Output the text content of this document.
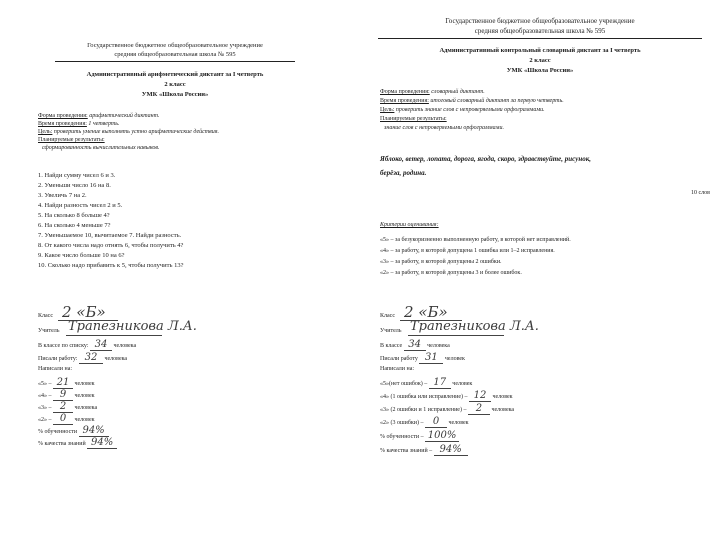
Государственное бюджетное общеобразовательное учреждение
средняя общеобразовательная школа № 595
Административный арифметический диктант за I четверть
2 класс
УМК «Школа России»
Форма проведения: арифметический диктант.
Время проведения: 1 четверть.
Цель: проверить умение выполнять устно арифметические действия.
Планируемые результаты:
сформированность вычислительных навыков.
1. Найди сумму чисел 6 и 3.
2. Уменьши число 16 на 8.
3. Увеличь 7 на 2.
4. Найди разность чисел 2 и 5.
5. На сколько 8 больше 4?
6. На сколько 4 меньше 7?
7. Уменьшаемое 10, вычитаемое 7. Найди разность.
8. От какого числа надо отнять 6, чтобы получить 4?
9. Какое число больше 10 на 6?
10. Сколько надо прибавить к 5, чтобы получить 13?
Класс 2 «Б»
Учитель Трапезникова Л.А.
В классе по списку: 34 человека
Писали работу: 32 человека
Написали на:
«5» – 21 человек
«4» – 9 человек
«3» – 2 человека
«2» – 0 человек
% обученности 94%
% качества знаний 94%
Государственное бюджетное общеобразовательное учреждение
средняя общеобразовательная школа № 595
Административный контрольный словарный диктант за I четверть
2 класс
УМК «Школа России»
Форма проведения: словарный диктант.
Время проведения: итоговый словарный диктант за первую четверть.
Цель: проверить знание слов с непроверяемыми орфограммами.
Планируемые результаты:
знание слов с непроверяемыми орфограммами.
Яблоко, ветер, лопата, дорога, ягода, скоро, здравствуйте, рисунок,
берёза, родина.
10 слов
Критерии оценивания:
«5» – за безукоризненно выполненную работу, в которой нет исправлений.
«4» – за работу, в которой допущена 1 ошибка или 1–2 исправления.
«3» – за работу, в которой допущены 2 ошибки.
«2» – за работу, в которой допущены 3 и более ошибок.
Класс 2 «Б»
Учитель Трапезникова Л.А.
В классе 34 человека
Писали работу 31 человек
Написали на:
«5»(нет ошибок) – 17 человек
«4» (1 ошибка или исправление) – 12 человек
«3» (2 ошибки и 1 исправление) – 2 человека
«2» (3 ошибки) – 0 человек
% обученности – 100%
% качества знаний – 94%
